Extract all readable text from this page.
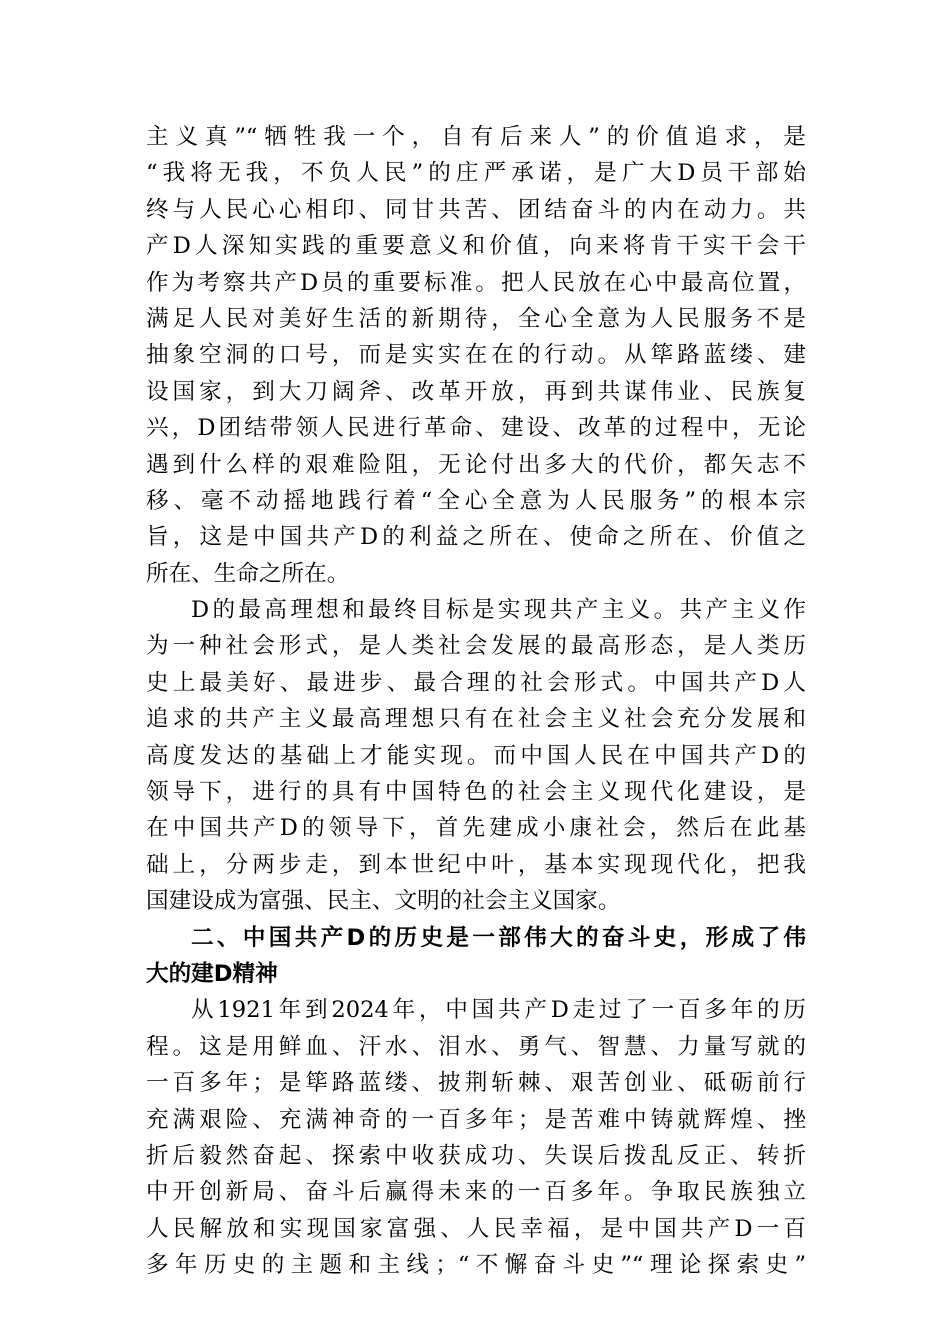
主义真”“牺牲我一个，自有后来人”的价值追求，是
“我将无我，不负人民”的庄严承诺，是广大D员干部始
终与人民心心相印、同甘共苦、团结奋斗的内在动力。共
产D人深知实践的重要意义和价值，向来将肯干实干会干
作为考察共产D员的重要标准。把人民放在心中最高位置，
满足人民对美好生活的新期待，全心全意为人民服务不是
抽象空洞的口号，而是实实在在的行动。从筚路蓝缕、建
设国家，到大刀阔斧、改革开放，再到共谋伟业、民族复
兴，D团结带领人民进行革命、建设、改革的过程中，无论
遇到什么样的艰难险阻，无论付出多大的代价，都矢志不
移、毫不动摇地践行着“全心全意为人民服务”的根本宗
旨，这是中国共产D的利益之所在、使命之所在、价值之
所在、生命之所在。
D的最高理想和最终目标是实现共产主义。共产主义作
为一种社会形式，是人类社会发展的最高形态，是人类历
史上最美好、最进步、最合理的社会形式。中国共产D人
追求的共产主义最高理想只有在社会主义社会充分发展和
高度发达的基础上才能实现。而中国人民在中国共产D的
领导下，进行的具有中国特色的社会主义现代化建设，是
在中国共产D的领导下，首先建成小康社会，然后在此基
础上，分两步走，到本世纪中叶，基本实现现代化，把我
国建设成为富强、民主、文明的社会主义国家。
二、中国共产D的历史是一部伟大的奋斗史，形成了伟
大的建D精神
从1921年到2024年，中国共产D走过了一百多年的历
程。这是用鲜血、汗水、泪水、勇气、智慧、力量写就的
一百多年；是筚路蓝缕、披荆斩棘、艰苦创业、砥砺前行
充满艰险、充满神奇的一百多年；是苦难中铸就辉煌、挫
折后毅然奋起、探索中收获成功、失误后拨乱反正、转折
中开创新局、奋斗后赢得未来的一百多年。争取民族独立
人民解放和实现国家富强、人民幸福，是中国共产D一百
多年历史的主题和主线；“不懈奋斗史”“理论探索史”
